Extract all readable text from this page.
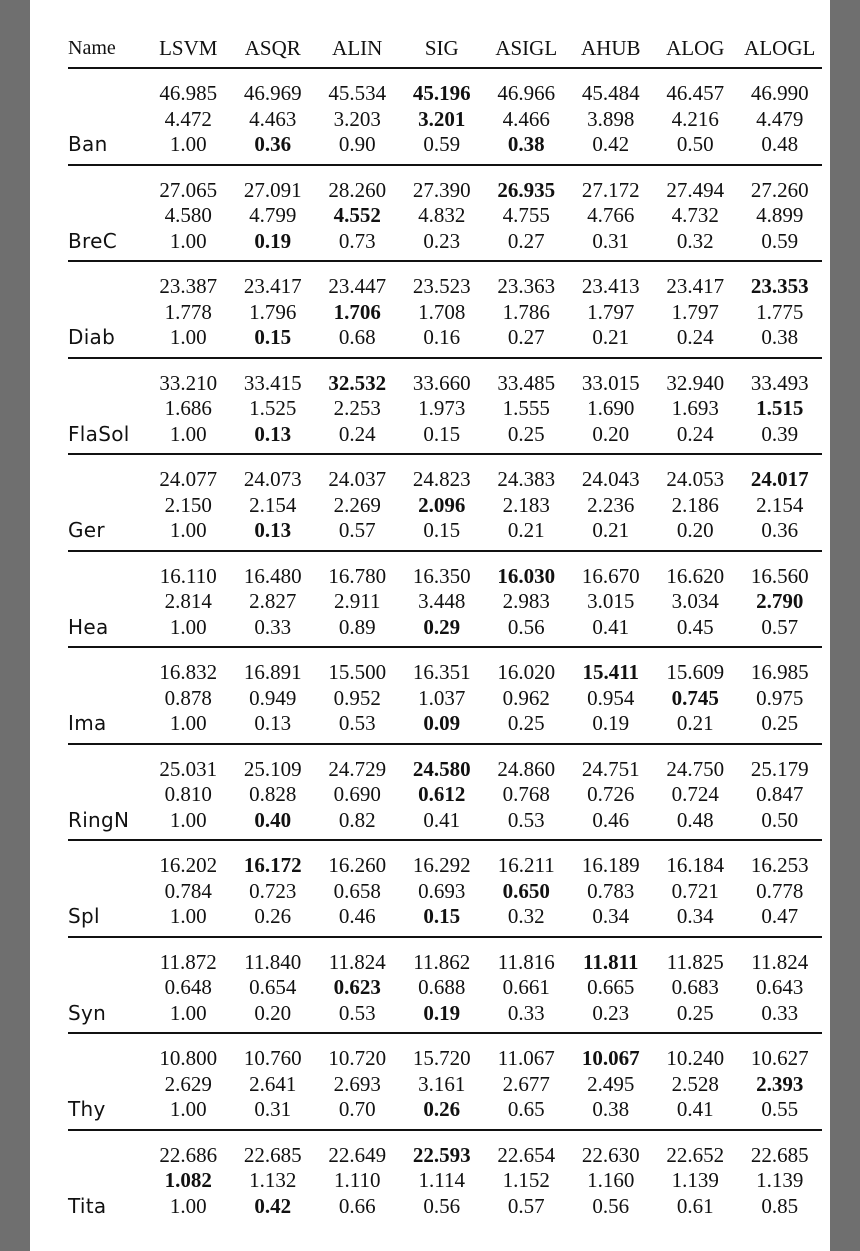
Name	LSVM	ASQR	ALIN	SIG	ASIGL	AHUB	ALOG	ALOGL
	46.985	46.969	45.534	45.196	46.966	45.484	46.457	46.990
	4.472	4.463	3.203	3.201	4.466	3.898	4.216	4.479
Ban	1.00	0.36	0.90	0.59	0.38	0.42	0.50	0.48
	27.065	27.091	28.260	27.390	26.935	27.172	27.494	27.260
	4.580	4.799	4.552	4.832	4.755	4.766	4.732	4.899
BreC	1.00	0.19	0.73	0.23	0.27	0.31	0.32	0.59
	23.387	23.417	23.447	23.523	23.363	23.413	23.417	23.353
	1.778	1.796	1.706	1.708	1.786	1.797	1.797	1.775
Diab	1.00	0.15	0.68	0.16	0.27	0.21	0.24	0.38
	33.210	33.415	32.532	33.660	33.485	33.015	32.940	33.493
	1.686	1.525	2.253	1.973	1.555	1.690	1.693	1.515
FlaSol	1.00	0.13	0.24	0.15	0.25	0.20	0.24	0.39
	24.077	24.073	24.037	24.823	24.383	24.043	24.053	24.017
	2.150	2.154	2.269	2.096	2.183	2.236	2.186	2.154
Ger	1.00	0.13	0.57	0.15	0.21	0.21	0.20	0.36
	16.110	16.480	16.780	16.350	16.030	16.670	16.620	16.560
	2.814	2.827	2.911	3.448	2.983	3.015	3.034	2.790
Hea	1.00	0.33	0.89	0.29	0.56	0.41	0.45	0.57
	16.832	16.891	15.500	16.351	16.020	15.411	15.609	16.985
	0.878	0.949	0.952	1.037	0.962	0.954	0.745	0.975
Ima	1.00	0.13	0.53	0.09	0.25	0.19	0.21	0.25
	25.031	25.109	24.729	24.580	24.860	24.751	24.750	25.179
	0.810	0.828	0.690	0.612	0.768	0.726	0.724	0.847
RingN	1.00	0.40	0.82	0.41	0.53	0.46	0.48	0.50
	16.202	16.172	16.260	16.292	16.211	16.189	16.184	16.253
	0.784	0.723	0.658	0.693	0.650	0.783	0.721	0.778
Spl	1.00	0.26	0.46	0.15	0.32	0.34	0.34	0.47
	11.872	11.840	11.824	11.862	11.816	11.811	11.825	11.824
	0.648	0.654	0.623	0.688	0.661	0.665	0.683	0.643
Syn	1.00	0.20	0.53	0.19	0.33	0.23	0.25	0.33
	10.800	10.760	10.720	15.720	11.067	10.067	10.240	10.627
	2.629	2.641	2.693	3.161	2.677	2.495	2.528	2.393
Thy	1.00	0.31	0.70	0.26	0.65	0.38	0.41	0.55
	22.686	22.685	22.649	22.593	22.654	22.630	22.652	22.685
	1.082	1.132	1.110	1.114	1.152	1.160	1.139	1.139
Tita	1.00	0.42	0.66	0.56	0.57	0.56	0.61	0.85
